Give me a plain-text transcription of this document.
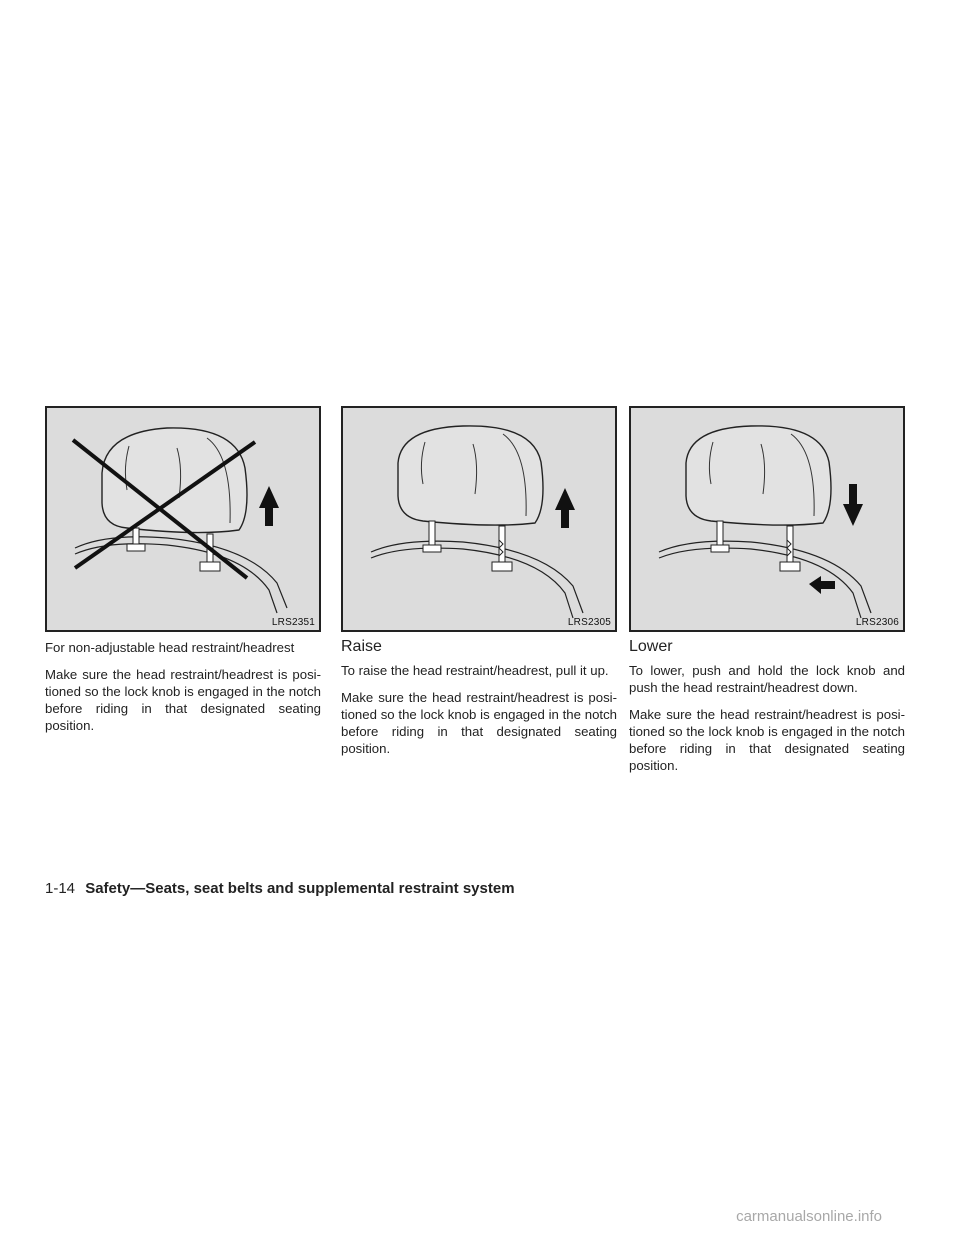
LRS2351
For non-adjustable head restraint/headrest

Make sure the head restraint/headrest is posi- tioned so the lock knob is engaged in the notch before riding in that designated seating position.

LRS2305
Raise

To raise the head restraint/headrest, pull it up.

Make sure the head restraint/headrest is posi- tioned so the lock knob is engaged in the notch before riding in that designated seating position.

LRS2306
Lower

To lower, push and hold the lock knob and push the head restraint/headrest down.

Make sure the head restraint/headrest is posi- tioned so the lock knob is engaged in the notch before riding in that designated seating position.

1-14 Safety—Seats, seat belts and supplemental restraint system
carmanualsonline.info
